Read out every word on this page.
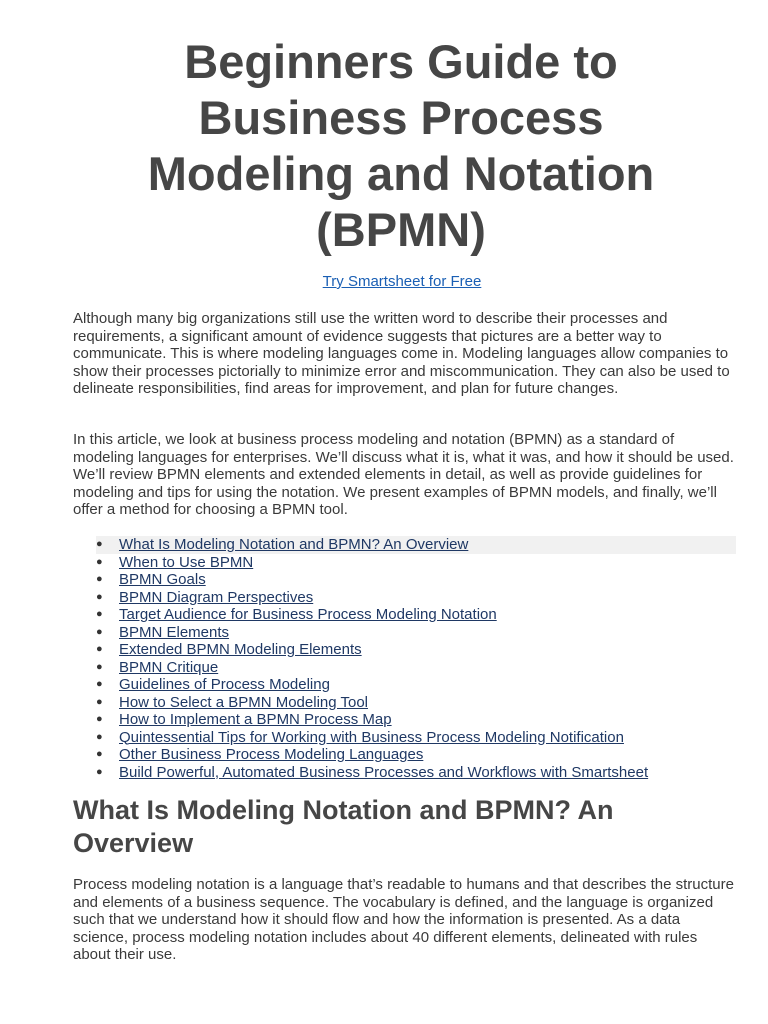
Beginners Guide to Business Process Modeling and Notation (BPMN)
Try Smartsheet for Free

Although many big organizations still use the written word to describe their processes and requirements, a significant amount of evidence suggests that pictures are a better way to communicate. This is where modeling languages come in. Modeling languages allow companies to show their processes pictorially to minimize error and miscommunication. They can also be used to delineate responsibilities, find areas for improvement, and plan for future changes.

In this article, we look at business process modeling and notation (BPMN) as a standard of modeling languages for enterprises. We’ll discuss what it is, what it was, and how it should be used. We’ll review BPMN elements and extended elements in detail, as well as provide guidelines for modeling and tips for using the notation. We present examples of BPMN models, and finally, we’ll offer a method for choosing a BPMN tool.

● What Is Modeling Notation and BPMN? An Overview
● When to Use BPMN
● BPMN Goals
● BPMN Diagram Perspectives
● Target Audience for Business Process Modeling Notation
● BPMN Elements
● Extended BPMN Modeling Elements
● BPMN Critique
● Guidelines of Process Modeling
● How to Select a BPMN Modeling Tool
● How to Implement a BPMN Process Map
● Quintessential Tips for Working with Business Process Modeling Notification
● Other Business Process Modeling Languages
● Build Powerful, Automated Business Processes and Workflows with Smartsheet
What Is Modeling Notation and BPMN? An Overview

Process modeling notation is a language that’s readable to humans and that describes the structure and elements of a business sequence. The vocabulary is defined, and the language is organized such that we understand how it should flow and how the information is presented. As a data science, process modeling notation includes about 40 different elements, delineated with rules about their use.
